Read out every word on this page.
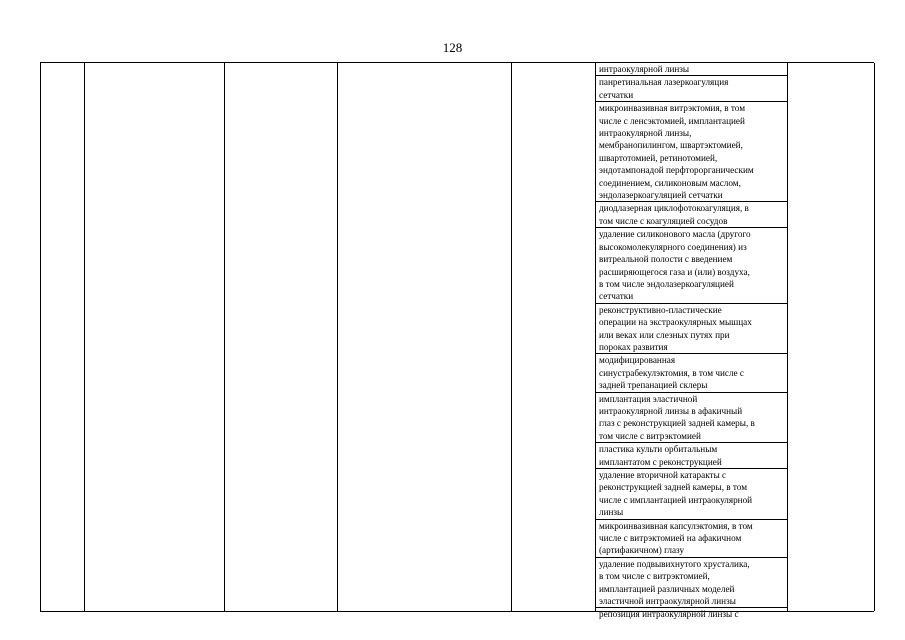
128
интраокулярной линзы
панретинальная лазеркоагуляция
сетчатки
микроинвазивная витрэктомия, в том
числе с ленсэктомией, имплантацией
интраокулярной линзы,
мембранопилингом, швартэктомией,
швартотомией, ретинотомией,
эндотампонадой перфторорганическим
соединением, силиконовым маслом,
эндолазеркоагуляцией сетчатки
диодлазерная циклофотокоагуляция, в
том числе с коагуляцией сосудов
удаление силиконового масла (другого
высокомолекулярного соединения) из
витреальной полости с введением
расширяющегося газа и (или) воздуха,
в том числе эндолазеркоагуляцией
сетчатки
реконструктивно-пластические
операции на экстраокулярных мышцах
или веках или слезных путях при
пороках развития
модифицированная
синустрабекулэктомия, в том числе с
задней трепанацией склеры
имплантация эластичной
интраокулярной линзы в афакичный
глаз с реконструкцией задней камеры, в
том числе с витрэктомией
пластика культи орбитальным
имплантатом с реконструкцией
удаление вторичной катаракты с
реконструкцией задней камеры, в том
числе с имплантацией интраокулярной
линзы
микроинвазивная капсулэктомия, в том
числе с витрэктомией на афакичном
(артифакичном) глазу
удаление подвывихнутого хрусталика,
в том числе с витрэктомией,
имплантацией различных моделей
эластичной интраокулярной линзы
репозиция интраокулярной линзы с
